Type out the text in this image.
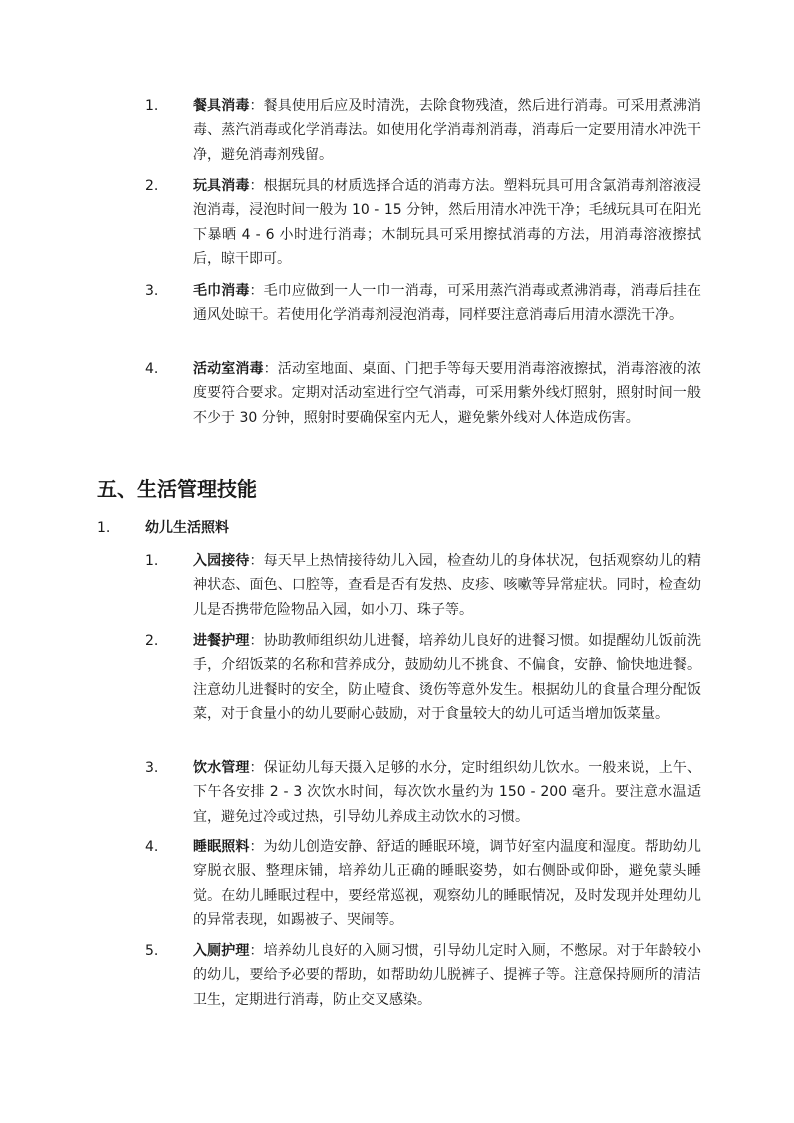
1.	餐具消毒：餐具使用后应及时清洗，去除食物残渣，然后进行消毒。可采用煮沸消毒、蒸汽消毒或化学消毒法。如使用化学消毒剂消毒，消毒后一定要用清水冲洗干净，避免消毒剂残留。
2.	玩具消毒：根据玩具的材质选择合适的消毒方法。塑料玩具可用含氯消毒剂溶液浸泡消毒，浸泡时间一般为 10 - 15 分钟，然后用清水冲洗干净；毛绒玩具可在阳光下暴晒 4 - 6 小时进行消毒；木制玩具可采用擦拭消毒的方法，用消毒溶液擦拭后，晾干即可。
3.	毛巾消毒：毛巾应做到一人一巾一消毒，可采用蒸汽消毒或煮沸消毒，消毒后挂在通风处晾干。若使用化学消毒剂浸泡消毒，同样要注意消毒后用清水漂洗干净。
4.	活动室消毒：活动室地面、桌面、门把手等每天要用消毒溶液擦拭，消毒溶液的浓度要符合要求。定期对活动室进行空气消毒，可采用紫外线灯照射，照射时间一般不少于 30 分钟，照射时要确保室内无人，避免紫外线对人体造成伤害。
五、生活管理技能
1. 幼儿生活照料
1.	入园接待：每天早上热情接待幼儿入园，检查幼儿的身体状况，包括观察幼儿的精神状态、面色、口腔等，查看是否有发热、皮疹、咳嗽等异常症状。同时，检查幼儿是否携带危险物品入园，如小刀、珠子等。
2.	进餐护理：协助教师组织幼儿进餐，培养幼儿良好的进餐习惯。如提醒幼儿饭前洗手，介绍饭菜的名称和营养成分，鼓励幼儿不挑食、不偏食，安静、愉快地进餐。注意幼儿进餐时的安全，防止噎食、烫伤等意外发生。根据幼儿的食量合理分配饭菜，对于食量小的幼儿要耐心鼓励，对于食量较大的幼儿可适当增加饭菜量。
3.	饮水管理：保证幼儿每天摄入足够的水分，定时组织幼儿饮水。一般来说，上午、下午各安排 2 - 3 次饮水时间，每次饮水量约为 150 - 200 毫升。要注意水温适宜，避免过冷或过热，引导幼儿养成主动饮水的习惯。
4.	睡眠照料：为幼儿创造安静、舒适的睡眠环境，调节好室内温度和湿度。帮助幼儿穿脱衣服、整理床铺，培养幼儿正确的睡眠姿势，如右侧卧或仰卧，避免蒙头睡觉。在幼儿睡眠过程中，要经常巡视，观察幼儿的睡眠情况，及时发现并处理幼儿的异常表现，如踢被子、哭闹等。
5.	入厕护理：培养幼儿良好的入厕习惯，引导幼儿定时入厕，不憋尿。对于年龄较小的幼儿，要给予必要的帮助，如帮助幼儿脱裤子、提裤子等。注意保持厕所的清洁卫生，定期进行消毒，防止交叉感染。
